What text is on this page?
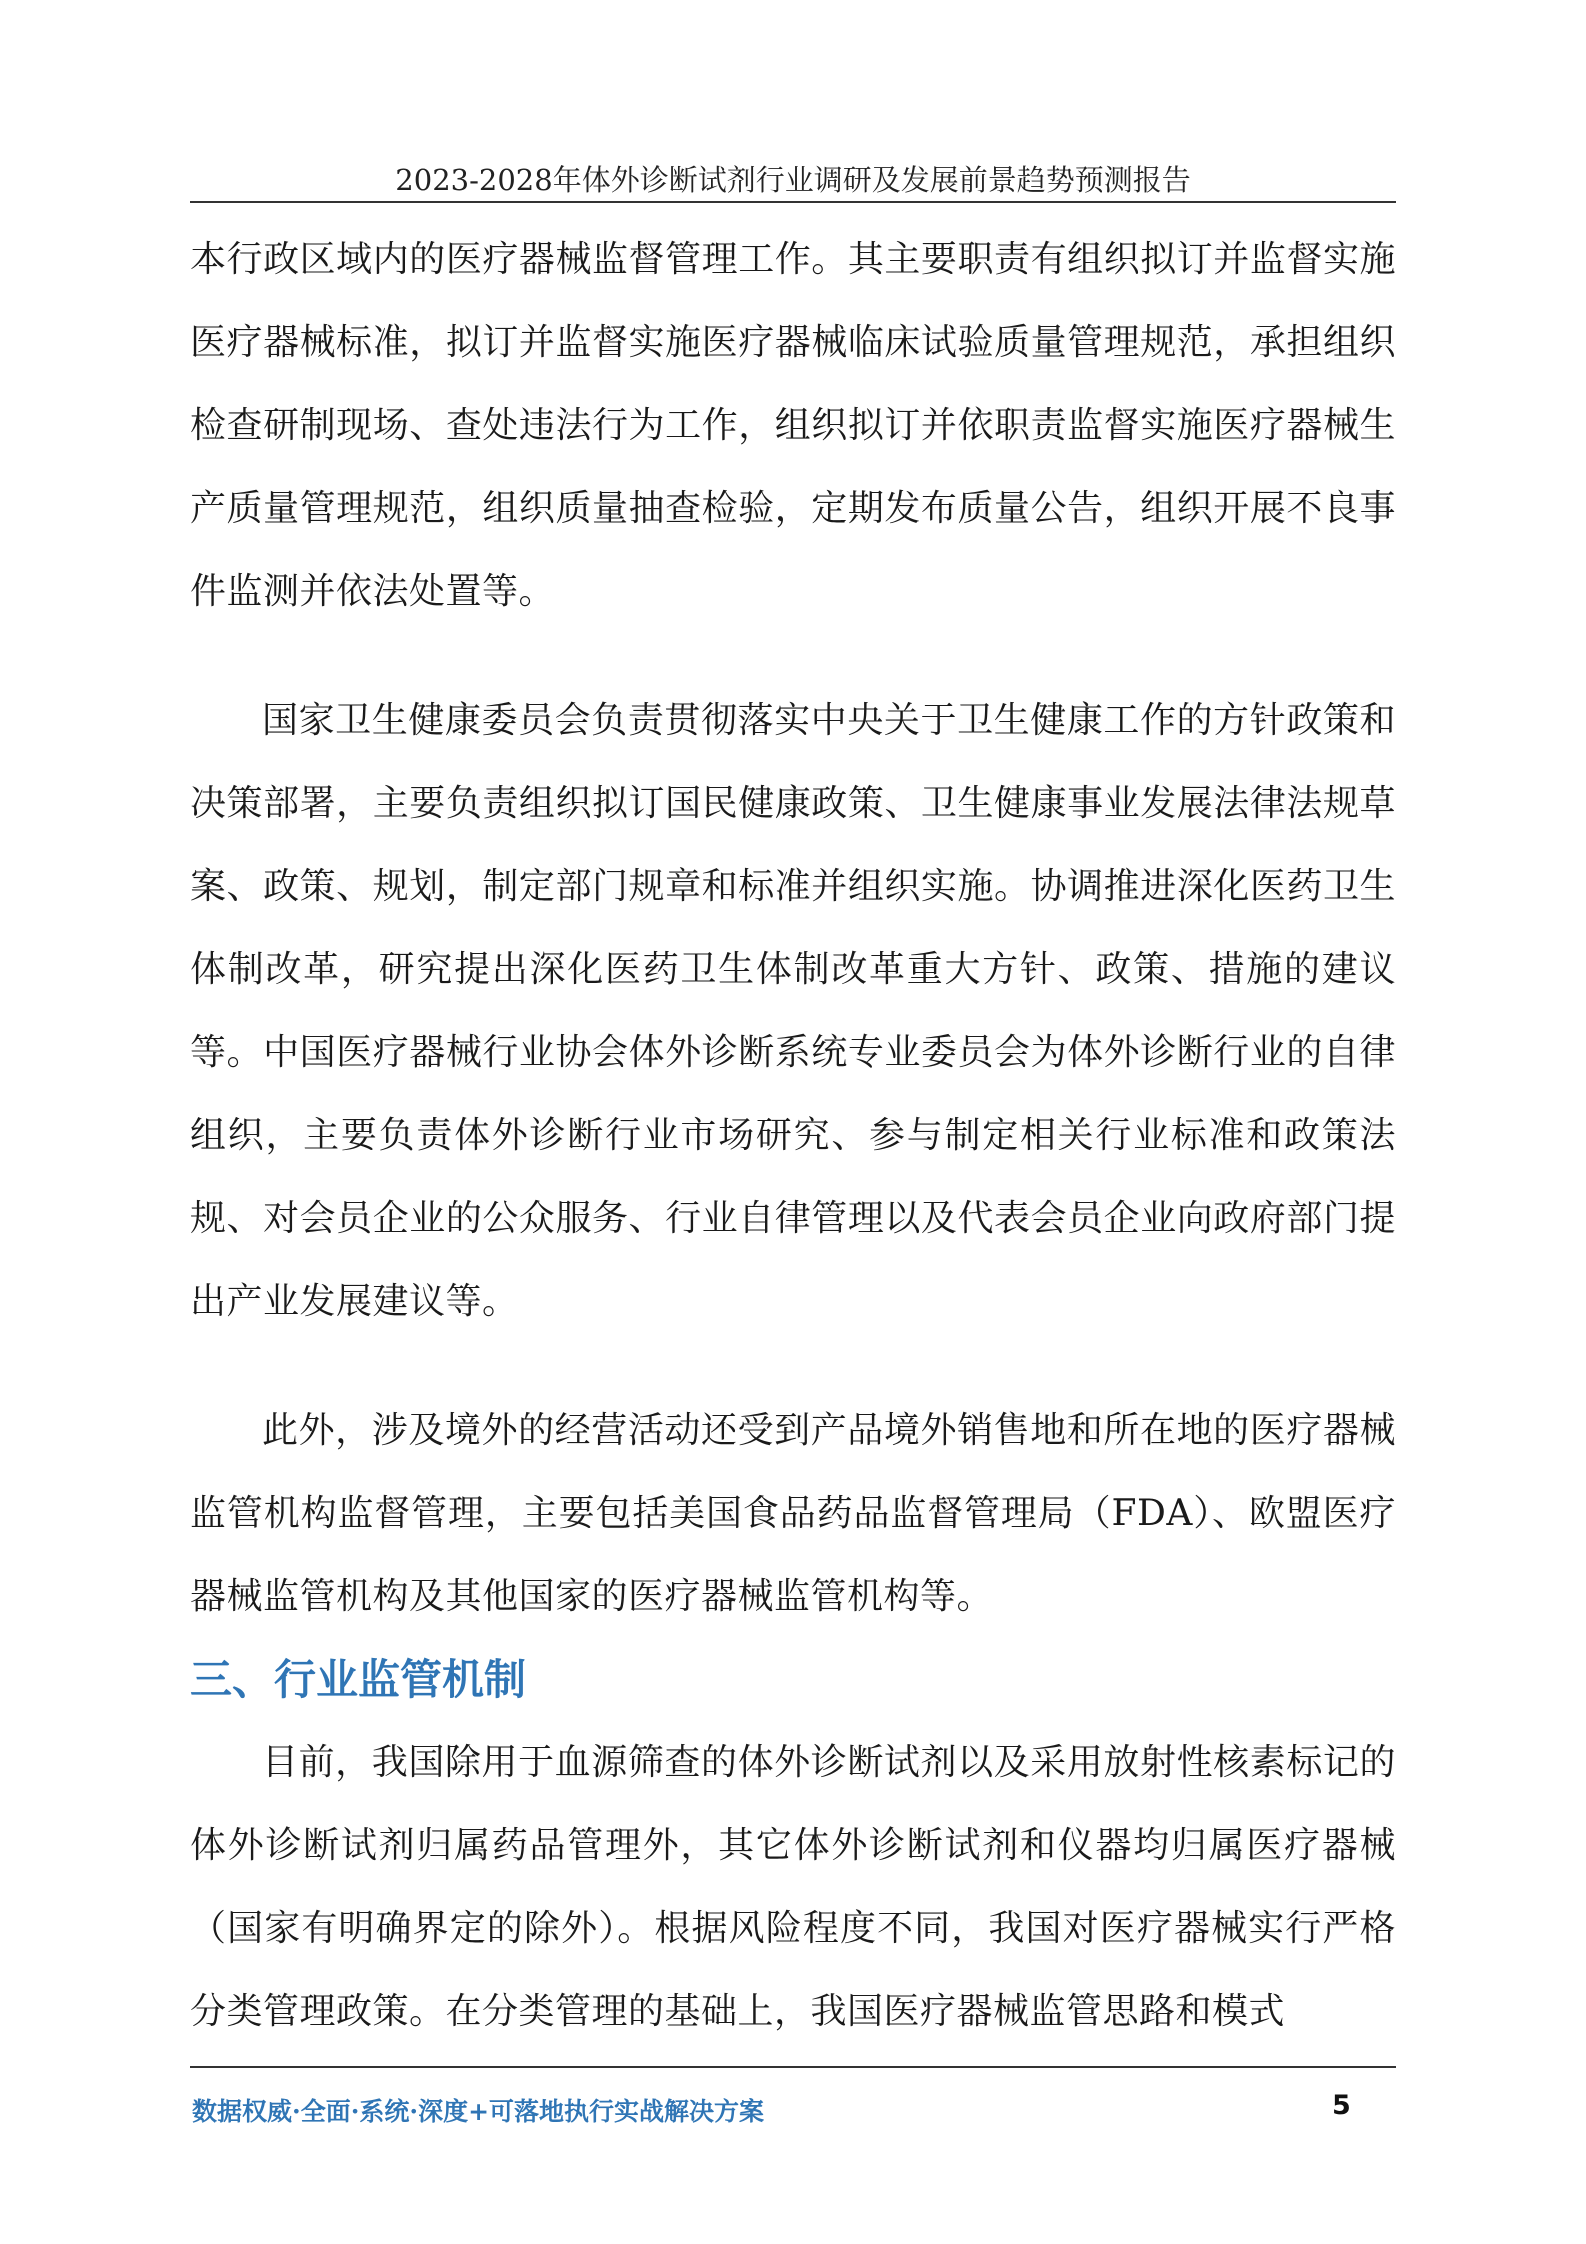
2023-2028年体外诊断试剂行业调研及发展前景趋势预测报告

本行政区域内的医疗器械监督管理工作。其主要职责有组织拟订并监督实施医疗器械标准，拟订并监督实施医疗器械临床试验质量管理规范，承担组织检查研制现场、查处违法行为工作，组织拟订并依职责监督实施医疗器械生产质量管理规范，组织质量抽查检验，定期发布质量公告，组织开展不良事件监测并依法处置等。

国家卫生健康委员会负责贯彻落实中央关于卫生健康工作的方针政策和决策部署，主要负责组织拟订国民健康政策、卫生健康事业发展法律法规草案、政策、规划，制定部门规章和标准并组织实施。协调推进深化医药卫生体制改革，研究提出深化医药卫生体制改革重大方针、政策、措施的建议等。中国医疗器械行业协会体外诊断系统专业委员会为体外诊断行业的自律组织，主要负责体外诊断行业市场研究、参与制定相关行业标准和政策法规、对会员企业的公众服务、行业自律管理以及代表会员企业向政府部门提出产业发展建议等。

此外，涉及境外的经营活动还受到产品境外销售地和所在地的医疗器械监管机构监督管理，主要包括美国食品药品监督管理局（FDA）、欧盟医疗器械监管机构及其他国家的医疗器械监管机构等。

三、行业监管机制

目前，我国除用于血源筛查的体外诊断试剂以及采用放射性核素标记的体外诊断试剂归属药品管理外，其它体外诊断试剂和仪器均归属医疗器械（国家有明确界定的除外）。根据风险程度不同，我国对医疗器械实行严格分类管理政策。在分类管理的基础上，我国医疗器械监管思路和模式

数据权威·全面·系统·深度+可落地执行实战解决方案	5
